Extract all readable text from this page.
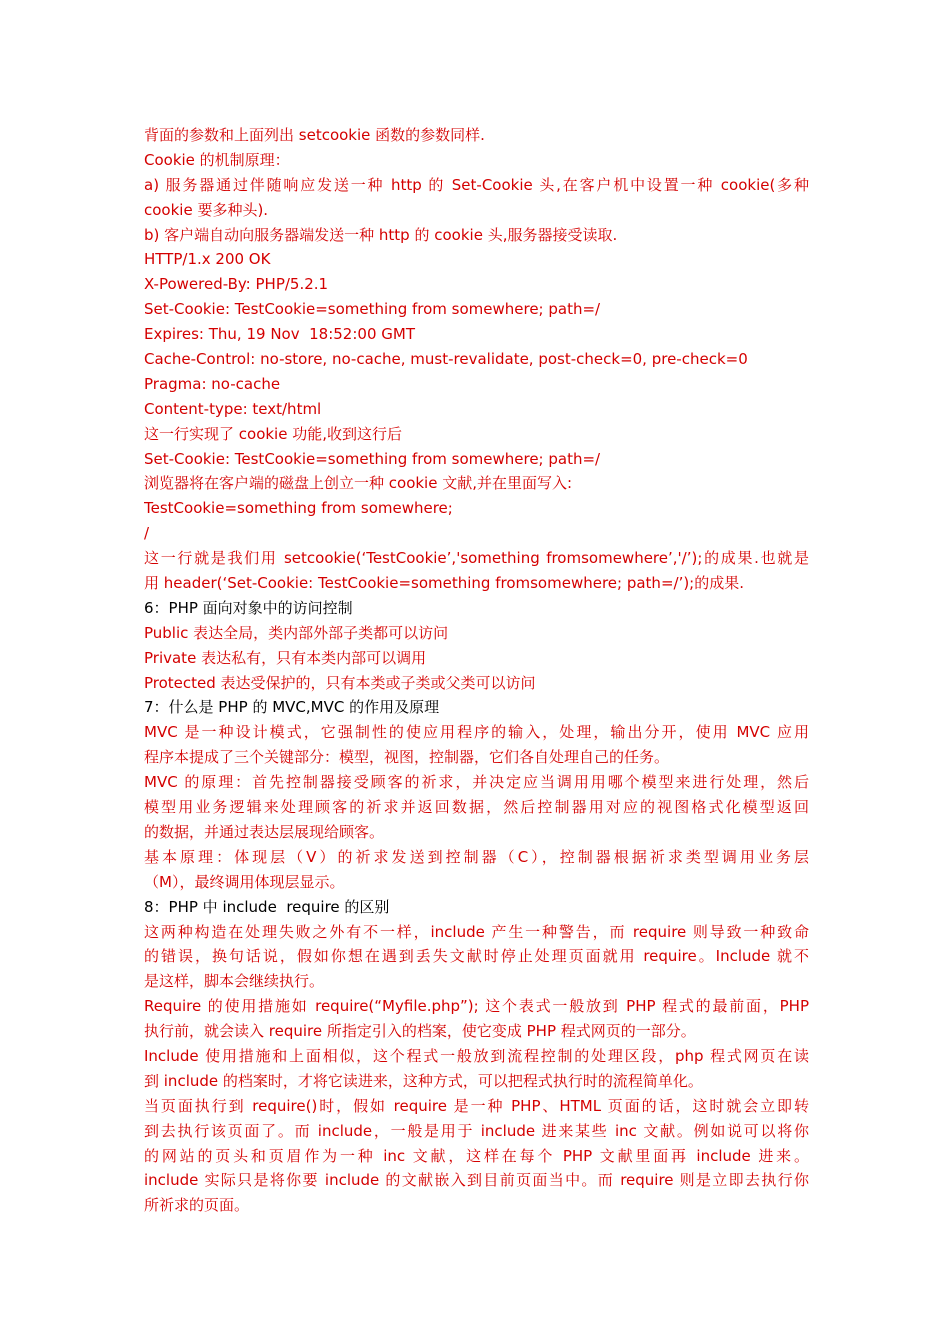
背面的参数和上面列出 setcookie 函数的参数同样.
Cookie 的机制原理：
a) 服务器通过伴随响应发送一种 http 的 Set-Cookie 头,在客户机中设置一种 cookie(多种
cookie 要多种头).
b) 客户端自动向服务器端发送一种 http 的 cookie 头,服务器接受读取.
HTTP/1.x 200 OK
X-Powered-By: PHP/5.2.1
Set-Cookie: TestCookie=something from somewhere; path=/
Expires: Thu, 19 Nov  18:52:00 GMT
Cache-Control: no-store, no-cache, must-revalidate, post-check=0, pre-check=0
Pragma: no-cache
Content-type: text/html
这一行实现了 cookie 功能,收到这行后
Set-Cookie: TestCookie=something from somewhere; path=/
浏览器将在客户端的磁盘上创立一种 cookie 文献,并在里面写入:
TestCookie=something from somewhere;
/
这一行就是我们用 setcookie(‘TestCookie’,'something fromsomewhere’,'/’);的成果.也就是
用 header(‘Set-Cookie: TestCookie=something fromsomewhere; path=/’);的成果.
6：PHP 面向对象中的访问控制
Public 表达全局，类内部外部子类都可以访问
Private 表达私有，只有本类内部可以调用
Protected 表达受保护的，只有本类或子类或父类可以访问
7：什么是 PHP 的 MVC,MVC 的作用及原理
MVC 是一种设计模式，它强制性的使应用程序的输入，处理，输出分开，使用 MVC 应用
程序本提成了三个关键部分：模型，视图，控制器，它们各自处理自己的任务。
MVC 的原理：首先控制器接受顾客的祈求，并决定应当调用用哪个模型来进行处理，然后
模型用业务逻辑来处理顾客的祈求并返回数据，然后控制器用对应的视图格式化模型返回
的数据，并通过表达层展现给顾客。
基本原理：体现层（V）的祈求发送到控制器（C），控制器根据祈求类型调用业务层
（M），最终调用体现层显示。
8：PHP 中 include  require 的区别
这两种构造在处理失败之外有不一样，include 产生一种警告，而 require 则导致一种致命
的错误，换句话说，假如你想在遇到丢失文献时停止处理页面就用 require。Include 就不
是这样，脚本会继续执行。
Require 的使用措施如 require(“Myfile.php”); 这个表式一般放到 PHP 程式的最前面，PHP
执行前，就会读入 require 所指定引入的档案，使它变成 PHP 程式网页的一部分。
Include 使用措施和上面相似，这个程式一般放到流程控制的处理区段，php 程式网页在读
到 include 的档案时，才将它读进来，这种方式，可以把程式执行时的流程简单化。
当页面执行到 require()时，假如 require 是一种 PHP、HTML 页面的话，这时就会立即转
到去执行该页面了。而 include，一般是用于 include 进来某些 inc 文献。例如说可以将你
的网站的页头和页眉作为一种 inc 文献，这样在每个 PHP 文献里面再 include 进来。
include 实际只是将你要 include 的文献嵌入到目前页面当中。而 require 则是立即去执行你
所祈求的页面。
